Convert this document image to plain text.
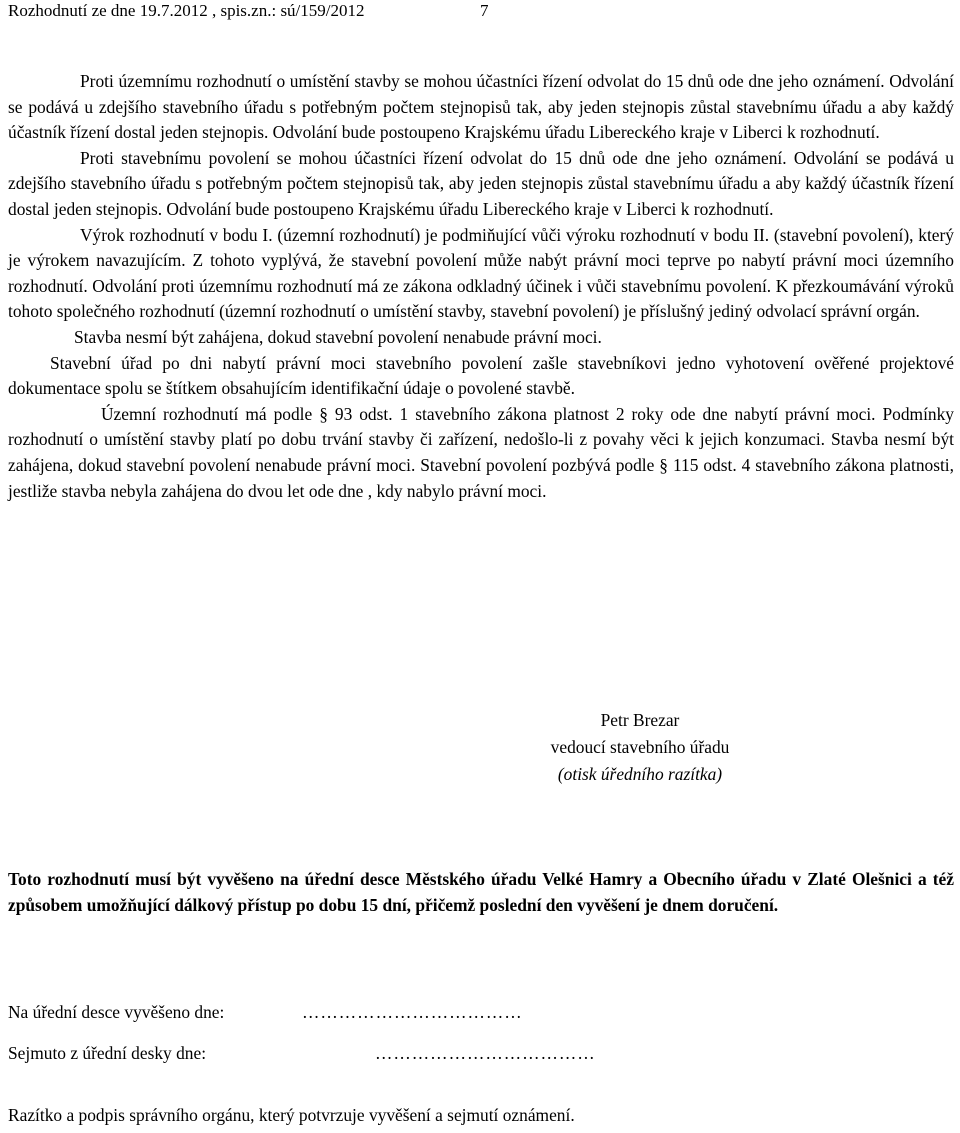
Rozhodnutí ze dne 19.7.2012 , spis.zn.: sú/159/2012	7

Proti územnímu rozhodnutí o umístění stavby se mohou účastníci řízení odvolat do 15 dnů ode dne jeho oznámení. Odvolání se podává u zdejšího stavebního úřadu s potřebným počtem stejnopisů tak, aby jeden stejnopis zůstal stavebnímu úřadu a aby každý účastník řízení dostal jeden stejnopis. Odvolání bude postoupeno Krajskému úřadu Libereckého kraje v Liberci k rozhodnutí.

Proti stavebnímu povolení se mohou účastníci řízení odvolat do 15 dnů ode dne jeho oznámení. Odvolání se podává u zdejšího stavebního úřadu s potřebným počtem stejnopisů tak, aby jeden stejnopis zůstal stavebnímu úřadu a aby každý účastník řízení dostal jeden stejnopis. Odvolání bude postoupeno Krajskému úřadu Libereckého kraje v Liberci k rozhodnutí.

Výrok rozhodnutí v bodu I. (územní rozhodnutí) je podmiňující vůči výroku rozhodnutí v bodu II. (stavební povolení), který je výrokem navazujícím. Z tohoto vyplývá, že stavební povolení může nabýt právní moci teprve po nabytí právní moci územního rozhodnutí. Odvolání proti územnímu rozhodnutí má ze zákona odkladný účinek i vůči stavebnímu povolení. K přezkoumávání výroků tohoto společného rozhodnutí (územní rozhodnutí o umístění stavby, stavební povolení) je příslušný jediný odvolací správní orgán.

Stavba nesmí být zahájena, dokud stavební povolení nenabude právní moci.

Stavební úřad po dni nabytí právní moci stavebního povolení zašle stavebníkovi jedno vyhotovení ověřené projektové dokumentace spolu se štítkem obsahujícím identifikační údaje o povolené stavbě.

Územní rozhodnutí má podle § 93 odst. 1 stavebního zákona platnost 2 roky ode dne nabytí právní moci. Podmínky rozhodnutí o umístění stavby platí po dobu trvání stavby či zařízení, nedošlo-li z povahy věci k jejich konzumaci. Stavba nesmí být zahájena, dokud stavební povolení nenabude právní moci. Stavební povolení pozbývá podle § 115 odst. 4 stavebního zákona platnosti, jestliže stavba nebyla zahájena do dvou let ode dne , kdy nabylo právní moci.

Petr Brezar
vedoucí stavebního úřadu
(otisk úředního razítka)
Toto rozhodnutí musí být vyvěšeno na úřední desce Městského úřadu Velké Hamry a Obecního úřadu v Zlaté Olešnici a též způsobem umožňující dálkový přístup po dobu 15 dní, přičemž poslední den vyvěšení je dnem doručení.
Na úřední desce vyvěšeno dne:	………………………………
Sejmuto z úřední desky dne:	………………………………
Razítko a podpis správního orgánu, který potvrzuje vyvěšení a sejmutí oznámení.
